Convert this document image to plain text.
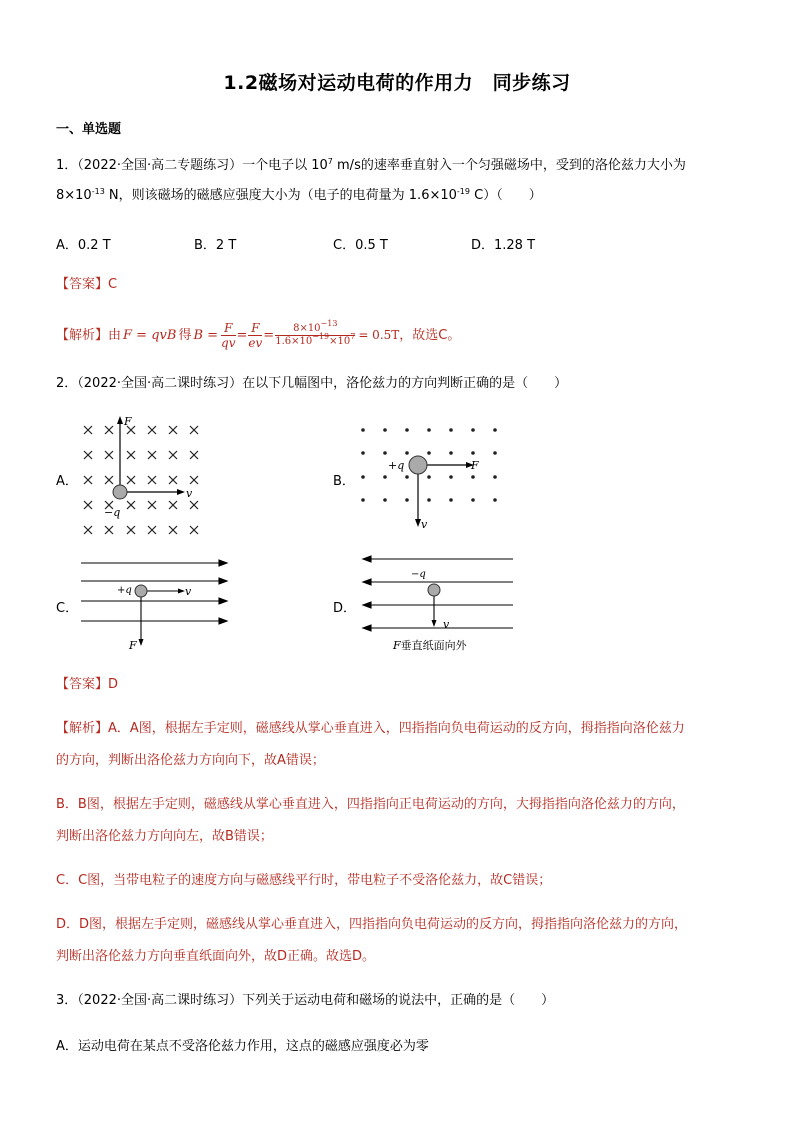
1.2磁场对运动电荷的作用力　同步练习
一、单选题
1．（2022·全国·高二专题练习）一个电子以 $10^7$ m/s的速率垂直射入一个匀强磁场中，受到的洛伦兹力大小为
$8\times 10^{-13}$ N，则该磁场的磁感应强度大小为（电子的电荷量为 $1.6\times 10^{-19}$ C）（　　）
A．0.2 T	B．2 T	C．0.5 T	D．1.28 T
【答案】C
【解析】 由 F = qvB 得 $B = \frac{F}{qv} = \frac{F}{ev} = \frac{8\times 10^{-13}}{1.6\times 10^{-19}\times 10^7} = 0.5T$ ，故选C。
2．（2022·全国·高二课时练习）在以下几幅图中，洛伦兹力的方向判断正确的是（　　）
A．	B．
C．	D．
F
−q
v
+q	F
v
+q	v
F
−q
v
F垂直纸面向外
【答案】D
【解析】A．A图，根据左手定则，磁感线从掌心垂直进入，四指指向负电荷运动的反方向，拇指指向洛伦兹力
的方向，判断出洛伦兹力方向向下，故A错误；
B．B图，根据左手定则，磁感线从掌心垂直进入，四指指向正电荷运动的方向，大拇指指向洛伦兹力的方向，
判断出洛伦兹力方向向左，故B错误；
C．C图，当带电粒子的速度方向与磁感线平行时，带电粒子不受洛伦兹力，故C错误；
D．D图，根据左手定则，磁感线从掌心垂直进入，四指指向负电荷运动的反方向，拇指指向洛伦兹力的方向，
判断出洛伦兹力方向垂直纸面向外，故D正确。故选D。
3．（2022·全国·高二课时练习）下列关于运动电荷和磁场的说法中，正确的是（　　）
A．运动电荷在某点不受洛伦兹力作用，这点的磁感应强度必为零
